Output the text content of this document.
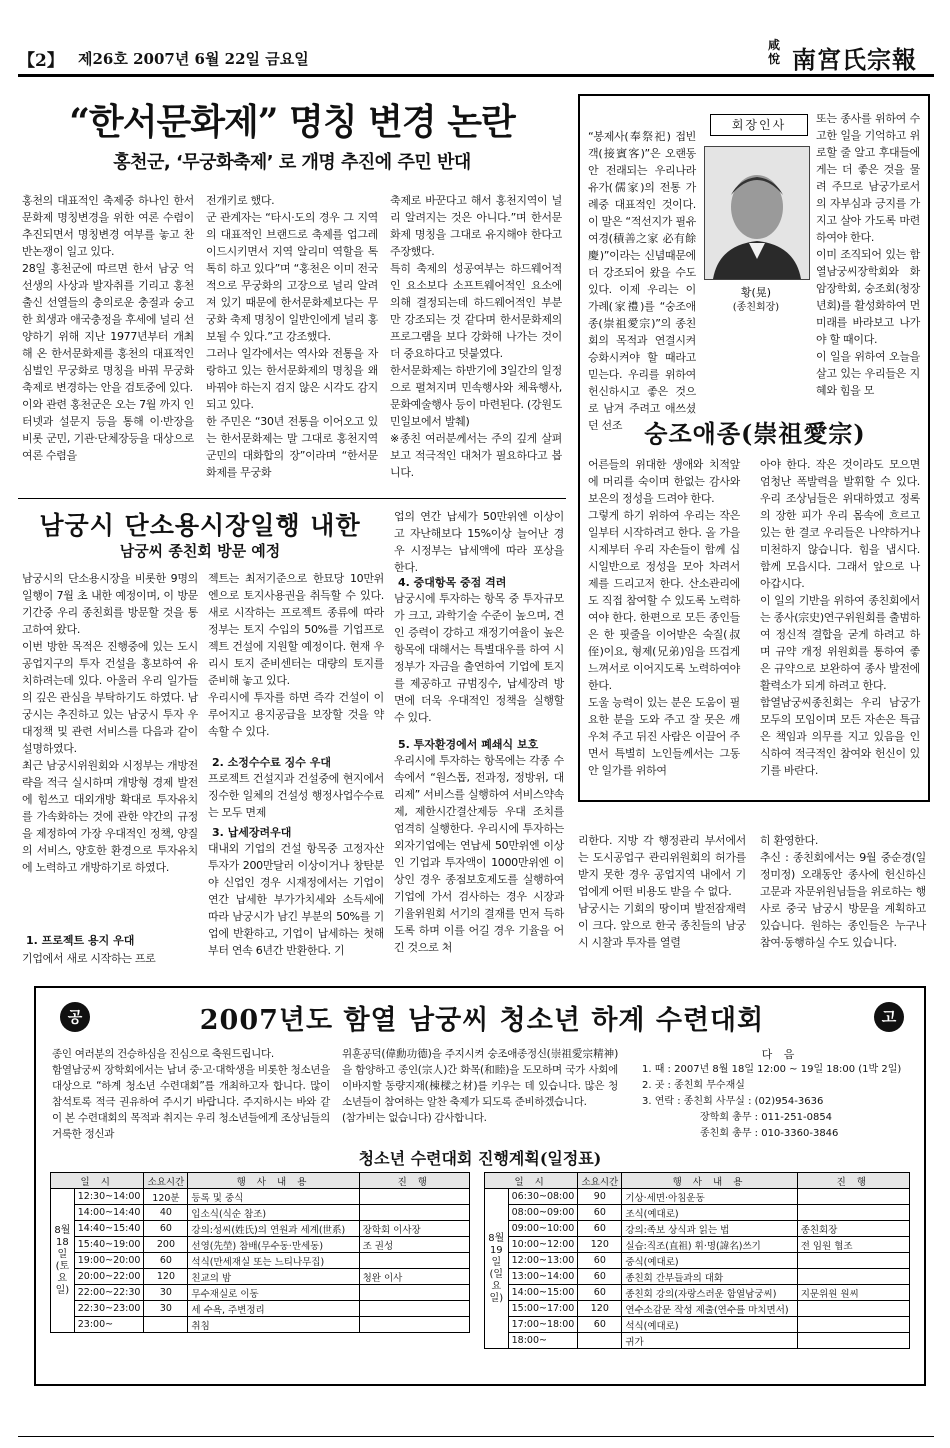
【2】 제26호 2007년 6월 22일 금요일
咸悅 南宮氏宗報
“한서문화제” 명칭 변경 논란
홍천군, ‘무궁화축제’ 로 개명 추진에 주민 반대
홍천의 대표적인 축제중 하나인 한서문화제 명칭변경을 위한 여론 수렴이 추진되면서 명칭변경 여부를 놓고 찬반논쟁이 일고 있다.
28일 홍천군에 따르면 한서 남궁 억선생의 사상과 발자취를 기리고 홍천출신 선열들의 충의로운 충절과 숭고한 희생과 애국충정을 후세에 널리 선양하기 위해 지난 1977년부터 개최해 온 한서문화제를 홍천의 대표적인 심벌인 무궁화로 명칭을 바꿔 무궁화 축제로 변경하는 안을 검토중에 있다.
이와 관련 홍천군은 오는 7월 까지 인터넷과 설문지 등을 통해 이·반장을 비롯 군민, 기관·단체장등을 대상으로 여론 수렴을
전개키로 했다.
군 관계자는 “타시·도의 경우 그 지역의 대표적인 브랜드로 축제를 업그레이드시키면서 지역 알리미 역할을 톡톡히 하고 있다”며 “홍천은 이미 전국적으로 무궁화의 고장으로 널리 알려져 있기 때문에 한서문화제보다는 무궁화 축제 명칭이 일반인에게 널리 홍보될 수 있다.”고 강조했다.
그러나 일각에서는 역사와 전통을 자랑하고 있는 한서문화제의 명칭을 왜 바꿔야 하는지 검지 않은 시각도 감지되고 있다.
한 주민은 “30년 전통을 이어오고 있는 한서문화제는 말 그대로 홍천지역 군민의 대화합의 장”이라며 “한서문화제를 무궁화
축제로 바꾼다고 해서 홍천지역이 널리 알려지는 것은 아니다.”며 한서문화제 명칭을 그대로 유지해야 한다고 주장했다.
특히 축제의 성공여부는 하드웨어적인 요소보다 소프트웨어적인 요소에 의해 결정되는데 하드웨어적인 부분만 강조되는 것 같다며 한서문화제의 프로그램을 보다 강화해 나가는 것이 더 중요하다고 덧붙였다.
한서문화제는 하반기에 3일간의 일정으로 펼쳐지며 민속행사와 체육행사, 문화예술행사 등이 마련된다. (강원도민일보에서 발췌)
※종친 여러분께서는 주의 깊게 살펴보고 적극적인 대처가 필요하다고 봅니다.
“봉제사(奉祭祀) 접빈객(接賓客)”은 오랜동안 전래되는 우리나라 유가(儒家)의 전통 가례중 대표적인 것이다. 이 말은 “적선지가 필유여경(積善之家 必有餘慶)”이라는 신념때문에 더 강조되어 왔을 수도 있다. 이제 우리는 이 가례(家禮)를 “숭조애종(崇祖愛宗)”의 종친회의 목적과 연결시켜 승화시켜야 할 때라고 믿는다. 우리를 위하여 헌신하시고 좋은 것으로 남겨 주려고 애쓰셨던 선조
회장인사
황(晃)
(종친회장)
또는 종사를 위하여 수고한 일을 기억하고 위로할 줄 알고 후대들에게는 더 좋은 것을 물려 주므로 남궁가로서의 자부심과 긍지를 가지고 살아 가도록 마련하여야 한다.
이미 조직되어 있는 함열남궁씨장학회와 화암장학회, 숭조회(청장년회)를 활성화하여 먼 미래를 바라보고 나가야 할 때이다.
이 일을 위하여 오늘을 살고 있는 우리들은 지혜와 힘을 모
숭조애종(崇祖愛宗)
어른들의 위대한 생애와 치적앞에 머리를 숙이며 한없는 감사와 보은의 정성을 드려야 한다.
그렇게 하기 위하여 우리는 작은 일부터 시작하려고 한다. 올 가을 시제부터 우리 자손들이 함께 십시일반으로 정성을 모아 차려서 제를 드리고저 한다. 산소관리에도 직접 참여할 수 있도록 노력하여야 한다. 한편으로 모든 종인들은 한 핏줄을 이어받은 숙질(叔侄)이요, 형제(兄弟)임을 뜨겁게 느껴서로 이어지도록 노력하여야 한다.
도울 능력이 있는 분은 도움이 필요한 분을 도와 주고 잘 못은 깨우쳐 주고 뒤진 사람은 이끌어 주면서 특별히 노인들께서는 그동안 일가를 위하여
아야 한다. 작은 것이라도 모으면 엄청난 폭발력을 발휘할 수 있다. 우리 조상님들은 위대하였고 정록의 장한 피가 우리 몸속에 흐르고 있는 한 결코 우리들은 나약하거나 미천하지 않습니다. 힘을 냅시다. 함께 모읍시다. 그래서 앞으로 나아갑시다.
이 일의 기반을 위하여 종친회에서는 종사(宗史)연구위원회를 출범하여 정신적 결합을 굳게 하려고 하며 규약 개정 위원회를 통하여 좋은 규약으로 보완하여 종사 발전에 활력소가 되게 하려고 한다.
함열남궁씨종친회는 우리 남궁가 모두의 모임이며 모든 자손은 특급은 책임과 의무를 지고 있음을 인식하여 적극적인 참여와 헌신이 있기를 바란다.
남궁시 단소용시장일행 내한
남궁씨 종친회 방문 예정
남궁시의 단소용시장을 비롯한 9명의 일행이 7월 초 내한 예정이며, 이 방문 기간중 우리 종친회를 방문할 것을 통고하여 왔다.
이번 방한 목적은 진행중에 있는 도시공업지구의 투자 건설을 홍보하여 유치하려는데 있다. 아울러 우리 일가들의 깊은 관심을 부탁하기도 하였다. 남궁시는 추진하고 있는 남궁시 투자 우대정책 및 관련 서비스를 다음과 같이 설명하였다.
최근 남궁시위원회와 시정부는 개방전략을 적극 실시하며 개방형 경제 발전에 힘쓰고 대외개방 확대로 투자유치를 가속화하는 것에 관한 약간의 규정을 제정하여 가장 우대적인 정책, 양질의 서비스, 양호한 환경으로 투자유치에 노력하고 개방하기로 하였다.
1. 프로젝트 용지 우대
기업에서 새로 시작하는 프로
젝트는 최저기준으로 한묘당 10만위엔으로 토지사용권을 취득할 수 있다. 새로 시작하는 프로젝트 종류에 따라 정부는 토지 수입의 50%를 기업프로젝트 건설에 지원할 예정이다. 현재 우리시 토지 준비센터는 대량의 토지를 준비해 놓고 있다.
우리시에 투자를 하면 즉각 건설이 이루어지고 용지공급을 보장할 것을 약속할 수 있다.
2. 소정수수료 징수 우대
프로젝트 건설지과 건설중에 현지에서 징수한 일체의 건설성 행정사업수수료는 모두 면제
3. 납세장려우대
대내외 기업의 건설 항목중 고정자산투자가 200만달러 이상이거나 창탄분야 신업인 경우 시재정에서는 기업이 연간 납세한 부가가치세와 소득세에 따라 남궁시가 남긴 부분의 50%를 기업에 반환하고, 기업이 납세하는 첫해부터 연속 6년간 반환한다. 기
업의 연간 납세가 50만위엔 이상이고 자난해보다 15%이상 늘어난 경우 시정부는 납세액에 따라 포상을 한다.
4. 중대항목 중점 격려
남궁시에 투자하는 항목 중 투자규모가 크고, 과학기술 수준이 높으며, 견인 증력이 강하고 재정기여율이 높은 항목에 대해서는 특별대우를 하여 시정부가 자금을 출연하여 기업에 토지를 제공하고 규범징수, 납세장려 방면에 더욱 우대적인 정책을 실행할 수 있다.
5. 투자환경에서 폐쇄식 보호
우리시에 투자하는 항목에는 각종 수속에서 “원스톱, 전과정, 정방위, 대리제” 서비스를 실행하여 서비스약속제, 제한시간결산제등 우대 조치를 엄격히 실행한다. 우리시에 투자하는 외자기업에는 연납세 50만위엔 이상인 기업과 투자액이 1000만위엔 이상인 경우 종점보호제도를 실행하여 기업에 가서 검사하는 경우 시장과 기율위원회 서기의 결재를 먼저 득하도록 하며 이를 어길 경우 기율을 어긴 것으로 처
리한다. 지방 각 행정관리 부서에서는 도시공업구 관리위원회의 허가를 받지 못한 경우 공업지역 내에서 기업에게 어떤 비용도 받을 수 없다.
남궁시는 기회의 땅이며 발전잠재력이 크다. 앞으로 한국 종친들의 남궁시 시찰과 투자를 열렬
히 환영한다.
추신 : 종친회에서는 9월 중순경(일정미정) 오래동안 종사에 헌신하신 고문과 자문위원님들을 위로하는 행사로 중국 남궁시 방문을 계획하고 있습니다. 원하는 종인들은 누구나 참여·동행하실 수도 있습니다.
공	고
2007년도 함열 남궁씨 청소년 하계 수련대회
종인 여러분의 건승하심을 진심으로 축원드립니다.
함열남궁씨 장학회에서는 남녀 중·고·대학생을 비롯한 청소년을 대상으로 “하계 청소년 수련대회”를 개최하고자 합니다. 많이 참석토록 적극 권유하여 주시기 바랍니다. 주지하시는 바와 같이 본 수련대회의 목적과 취지는 우리 청소년들에게 조상님들의 거룩한 정신과
위훈공덕(偉勳功德)을 주지시켜 숭조애종정신(崇祖愛宗精神)을 함양하고 종인(宗人)간 화목(和睦)을 도모하며 국가 사회에 이바지할 동량지재(棟樑之材)를 키우는 데 있습니다. 많은 청소년들이 참여하는 알찬 축제가 되도록 준비하겠습니다.
(참가비는 없습니다) 감사합니다.
다 음
1. 때 : 2007년 8월 18일 12:00 ~ 19일 18:00 (1박 2일)
2. 곳 : 종친회 무수재실
3. 연락 : 종친회 사무실 : (02)954-3636
장학회 총무 : 011-251-0854
종친회 총무 : 010-3360-3846
청소년 수련대회 진행계획(일정표)
일 시		소요시간	행 사 내 용	진 행
8월18일(토요일)	12:30~14:00	120분	등록 및 중식	
	14:00~14:40	40	입소식(식순 참조)	
	14:40~15:40	60	강의:성씨(姓氏)의 연원과 세계(世系)	장학회 이사장
	15:40~19:00	200	선영(先塋) 참배(무수동·만세동)	조 권성
	19:00~20:00	60	석식(만세재실 또는 느티나무집)	
	20:00~22:00	120	친교의 밤	청완 이사
	22:00~22:30	30	무수재실로 이동	
	22:30~23:00	30	세 수욕, 주변정리	
	23:00~		취침	
일 시		소요시간	행 사 내 용	진 행
8월19일(일요일)	06:30~08:00	90	기상·세면·아침운동	
	08:00~09:00	60	조식(예대로)	
	09:00~10:00	60	강의:족보 상식과 읽는 법	종친회장
	10:00~12:00	120	실습:직조(直祖) 휘·명(諱名)쓰기	전 임원 협조
	12:00~13:00	60	중식(예대로)	
	13:00~14:00	60	종친회 간부들과의 대화	
	14:00~15:00	60	종친회 강의(자랑스러운 함열남궁씨)	지문위원 원씨
	15:00~17:00	120	연수소감문 작성 제출(연수를 마치면서)	
	17:00~18:00	60	석식(예대로)	
	18:00~		귀가	
